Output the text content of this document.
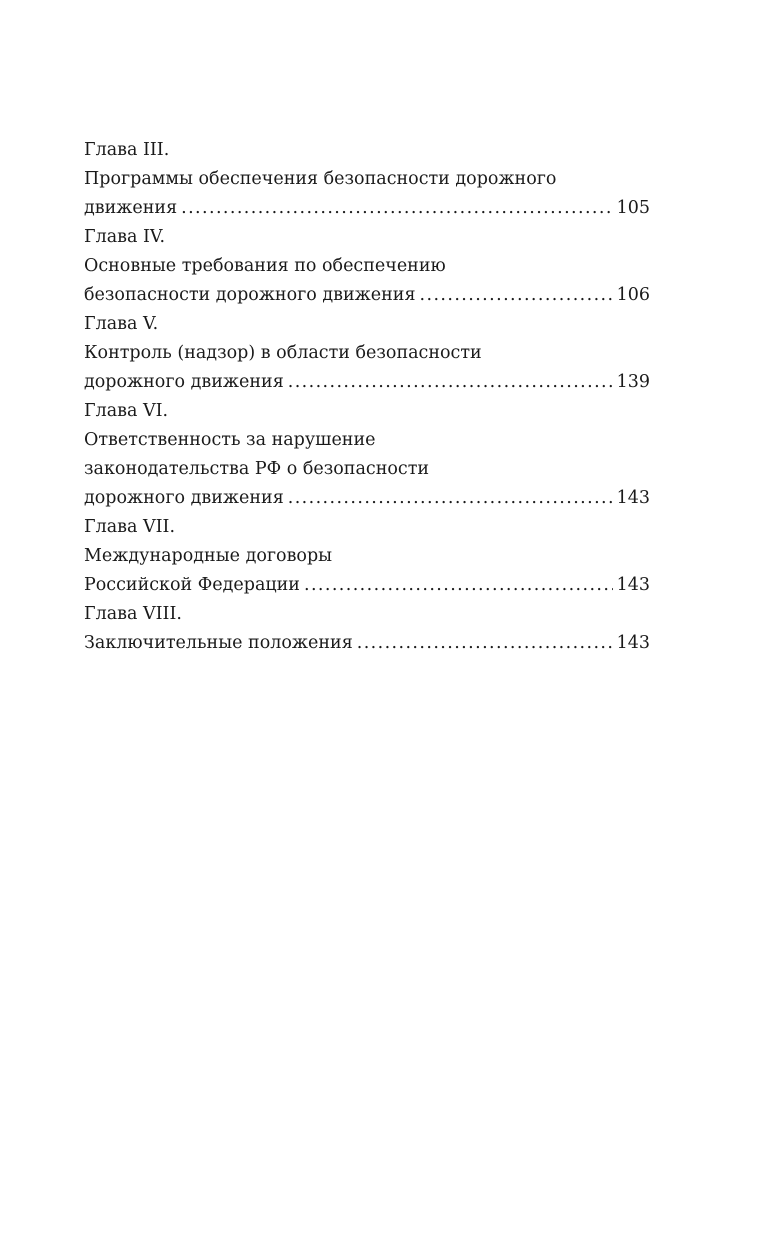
Глава III.
Программы обеспечения безопасности дорожного
движения .....	105
Глава IV.
Основные требования по обеспечению
безопасности дорожного движения .....	106
Глава V.
Контроль (надзор) в области безопасности
дорожного движения .....	139
Глава VI.
Ответственность за нарушение
законодательства РФ о безопасности
дорожного движения .....	143
Глава VII.
Международные договоры
Российской Федерации .....	143
Глава VIII.
Заключительные положения .....	143
